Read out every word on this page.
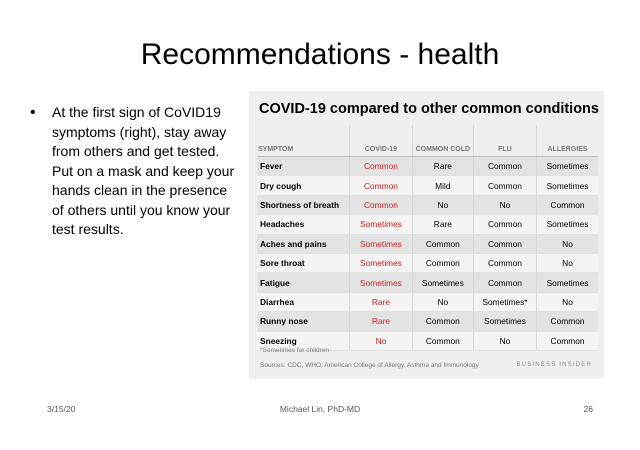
Recommendations - health
•	At the first sign of CoVID19 symptoms (right), stay away from others and get tested. Put on a mask and keep your hands clean in the presence of others until you know your test results.
COVID-19 compared to other common conditions
SYMPTOM	COVID-19	COMMON COLD	FLU	ALLERGIES
Fever	Common	Rare	Common	Sometimes
Dry cough	Common	Mild	Common	Sometimes
Shortness of breath	Common	No	No	Common
Headaches	Sometimes	Rare	Common	Sometimes
Aches and pains	Sometimes	Common	Common	No
Sore throat	Sometimes	Common	Common	No
Fatigue	Sometimes	Sometimes	Common	Sometimes
Diarrhea	Rare	No	Sometimes*	No
Runny nose	Rare	Common	Sometimes	Common
Sneezing	No	Common	No	Common
*Sometimes for children
Sources: CDC, WHO, American College of Allergy, Asthma and Immunology	BUSINESS INSIDER
3/15/20	Michael Lin, PhD-MD	26
